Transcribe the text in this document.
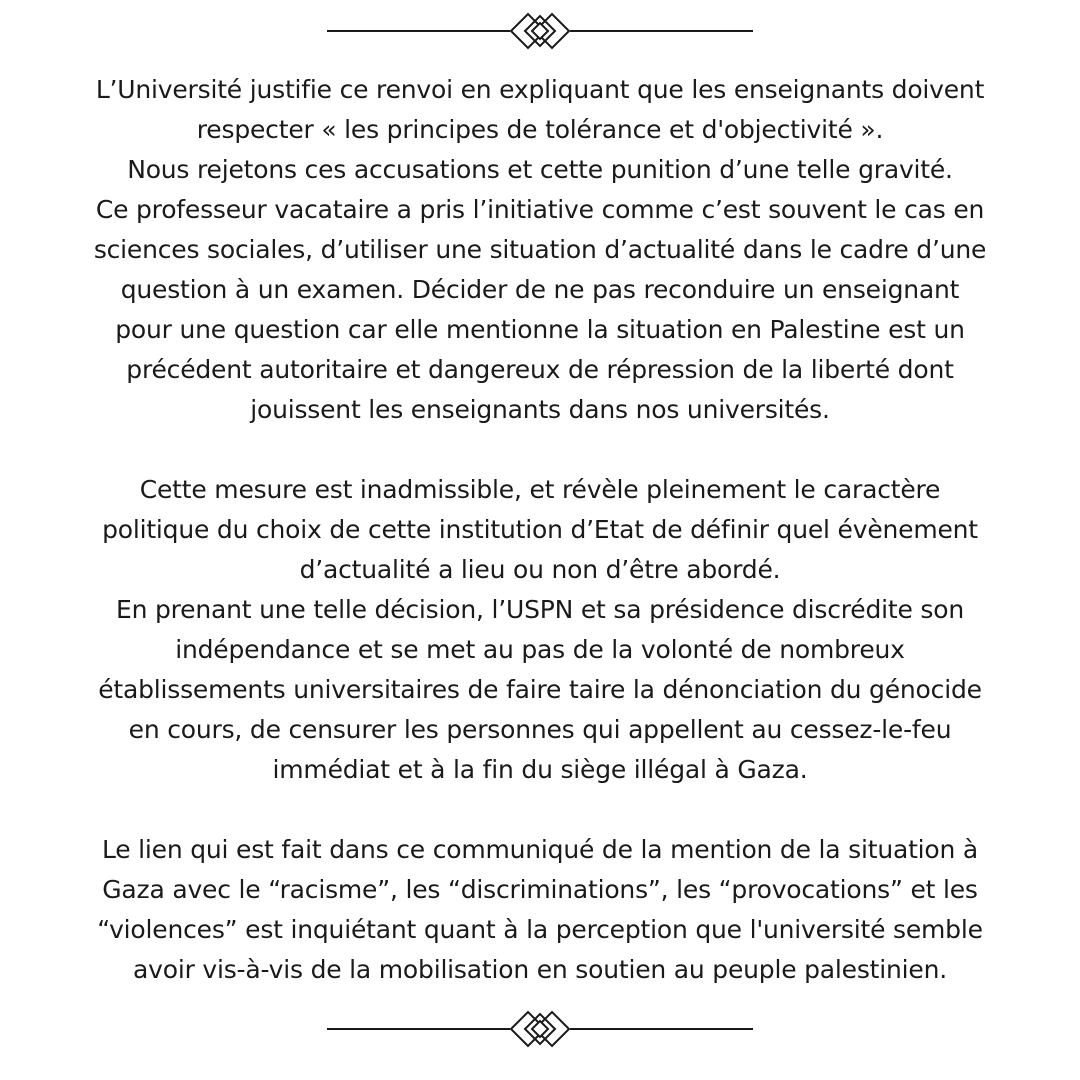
L’Université justifie ce renvoi en expliquant que les enseignants doivent
respecter « les principes de tolérance et d'objectivité ».
Nous rejetons ces accusations et cette punition d’une telle gravité.
Ce professeur vacataire a pris l’initiative comme c’est souvent le cas en
sciences sociales, d’utiliser une situation d’actualité dans le cadre d’une
question à un examen. Décider de ne pas reconduire un enseignant
pour une question car elle mentionne la situation en Palestine est un
précédent autoritaire et dangereux de répression de la liberté dont
jouissent les enseignants dans nos universités.
Cette mesure est inadmissible, et révèle pleinement le caractère
politique du choix de cette institution d’Etat de définir quel évènement
d’actualité a lieu ou non d’être abordé.
En prenant une telle décision, l’USPN et sa présidence discrédite son
indépendance et se met au pas de la volonté de nombreux
établissements universitaires de faire taire la dénonciation du génocide
en cours, de censurer les personnes qui appellent au cessez-le-feu
immédiat et à la fin du siège illégal à Gaza.
Le lien qui est fait dans ce communiqué de la mention de la situation à
Gaza avec le “racisme”, les “discriminations”, les “provocations” et les
“violences” est inquiétant quant à la perception que l'université semble
avoir vis-à-vis de la mobilisation en soutien au peuple palestinien.
